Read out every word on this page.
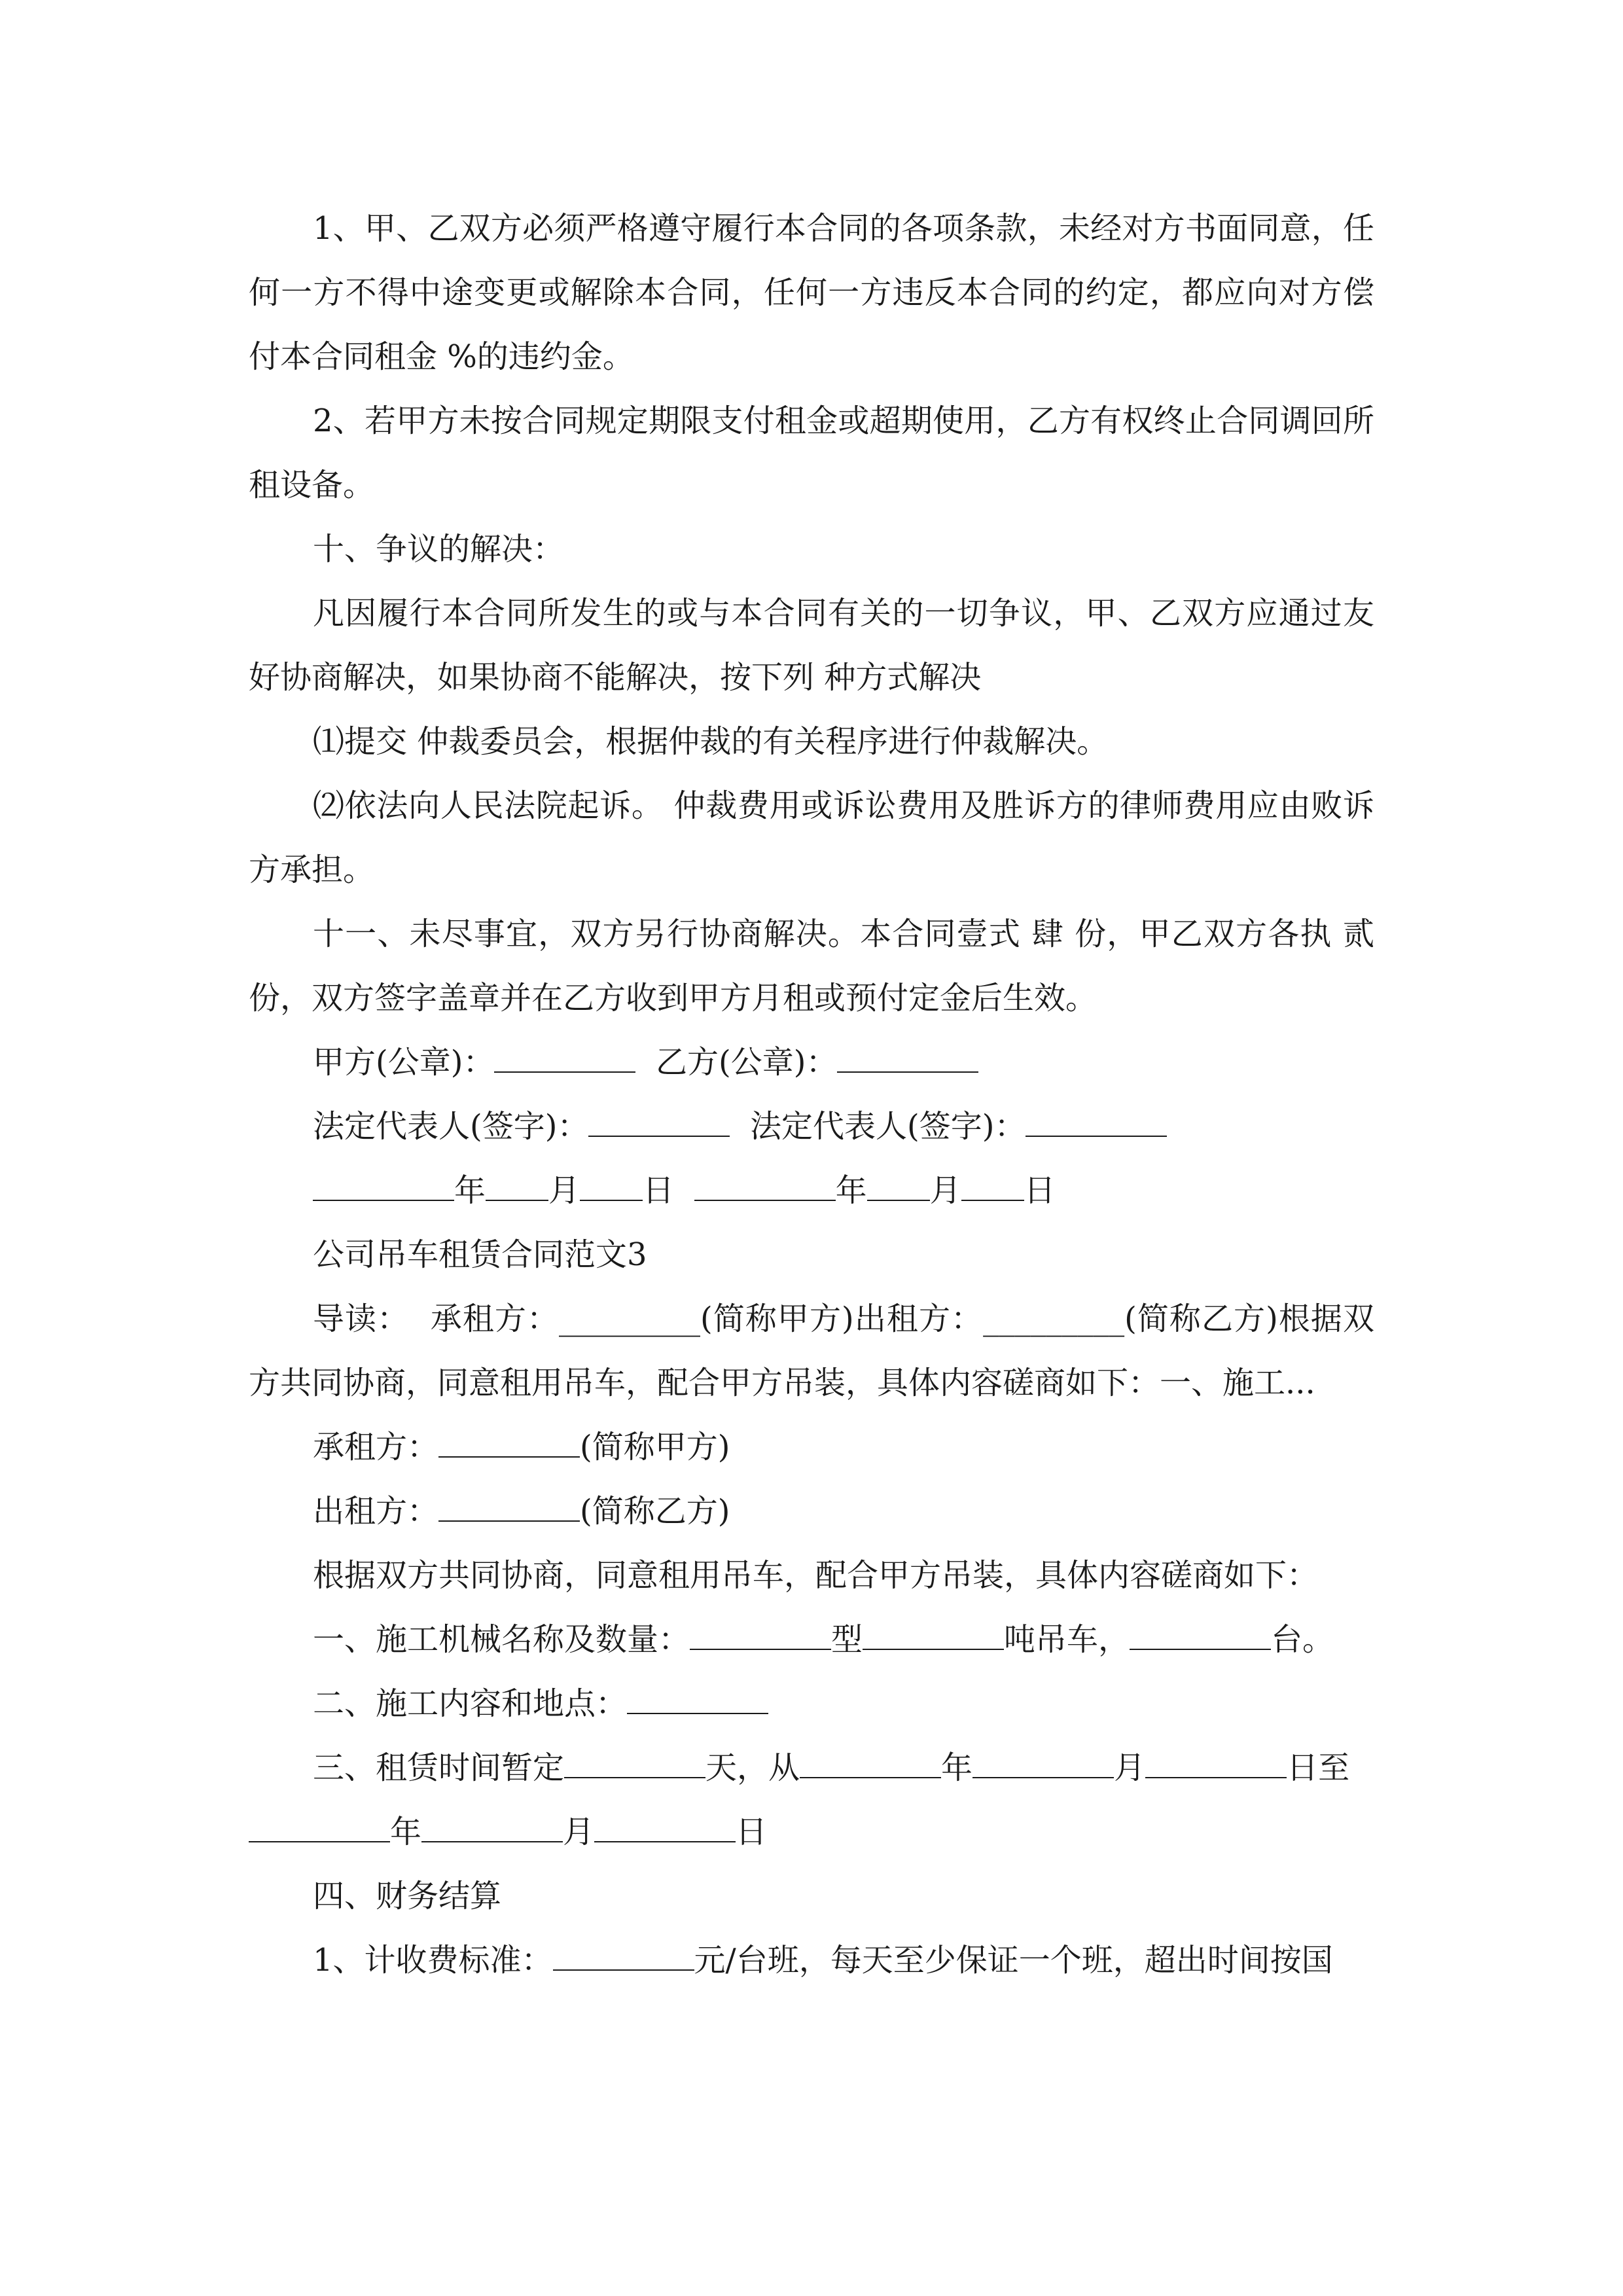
1、甲、乙双方必须严格遵守履行本合同的各项条款，未经对方书面同意，任何一方不得中途变更或解除本合同，任何一方违反本合同的约定，都应向对方偿付本合同租金 %的违约金。

2、若甲方未按合同规定期限支付租金或超期使用，乙方有权终止合同调回所租设备。

十、争议的解决：

凡因履行本合同所发生的或与本合同有关的一切争议，甲、乙双方应通过友好协商解决，如果协商不能解决，按下列 种方式解决

⑴提交 仲裁委员会，根据仲裁的有关程序进行仲裁解决。

⑵依法向人民法院起诉。 仲裁费用或诉讼费用及胜诉方的律师费用应由败诉方承担。

十一、未尽事宜，双方另行协商解决。本合同壹式 肆 份，甲乙双方各执 贰 份，双方签字盖章并在乙方收到甲方月租或预付定金后生效。

甲方(公章)：	乙方(公章)：

法定代表人(签字)：	法定代表人(签字)：

年 月 日	年 月 日

公司吊车租赁合同范文3

导读：  承租方：_________(简称甲方)出租方：_________(简称乙方)根据双方共同协商，同意租用吊车，配合甲方吊装，具体内容磋商如下：一、施工...

承租方：	(简称甲方)

出租方：	(简称乙方)

根据双方共同协商，同意租用吊车，配合甲方吊装，具体内容磋商如下：

一、施工机械名称及数量：	型	吨吊车，	台。

二、施工内容和地点：

三、租赁时间暂定	天，从	年	月	日至

年	月	日

四、财务结算

1、计收费标准：	元/台班，每天至少保证一个班，超出时间按国
